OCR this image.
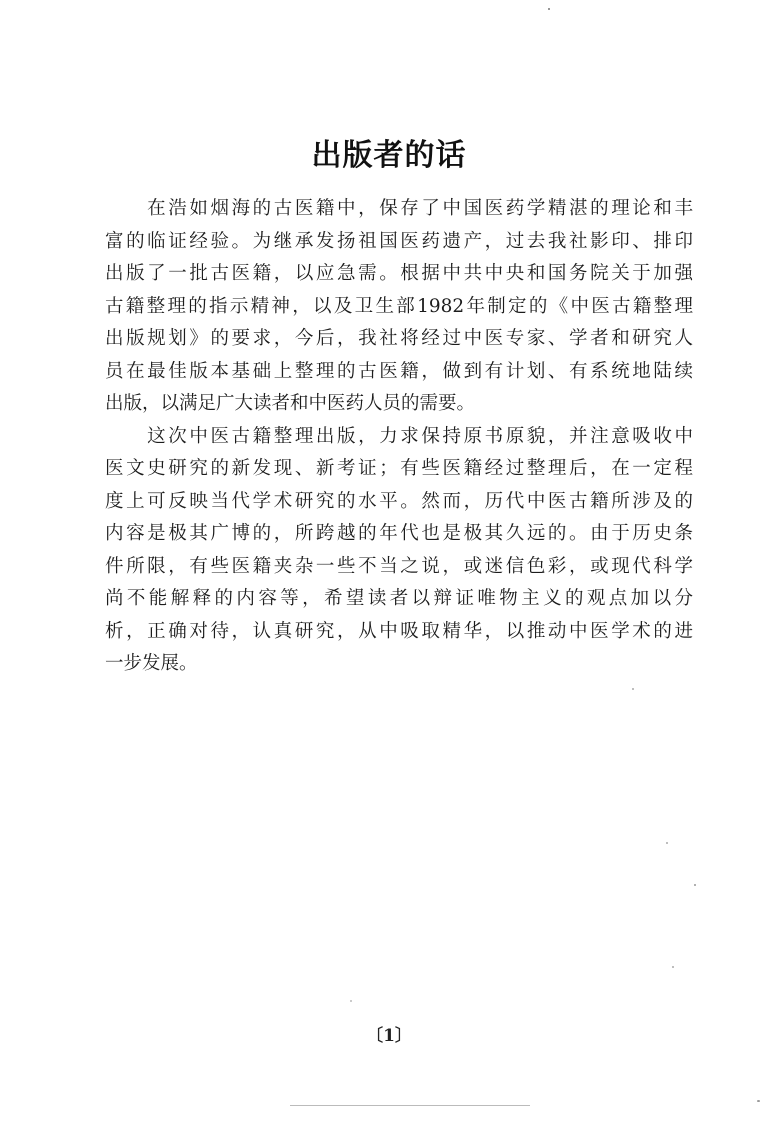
出版者的话
　　在浩如烟海的古医籍中，保存了中国医药学精湛的理论和丰
富的临证经验。为继承发扬祖国医药遗产，过去我社影印、排印
出版了一批古医籍，以应急需。根据中共中央和国务院关于加强
古籍整理的指示精神，以及卫生部1982年制定的《中医古籍整理
出版规划》的要求，今后，我社将经过中医专家、学者和研究人
员在最佳版本基础上整理的古医籍，做到有计划、有系统地陆续
出版，以满足广大读者和中医药人员的需要。
　　这次中医古籍整理出版，力求保持原书原貌，并注意吸收中
医文史研究的新发现、新考证；有些医籍经过整理后，在一定程
度上可反映当代学术研究的水平。然而，历代中医古籍所涉及的
内容是极其广博的，所跨越的年代也是极其久远的。由于历史条
件所限，有些医籍夹杂一些不当之说，或迷信色彩，或现代科学
尚不能解释的内容等，希望读者以辩证唯物主义的观点加以分
析，正确对待，认真研究，从中吸取精华，以推动中医学术的进
一步发展。
〔1〕
